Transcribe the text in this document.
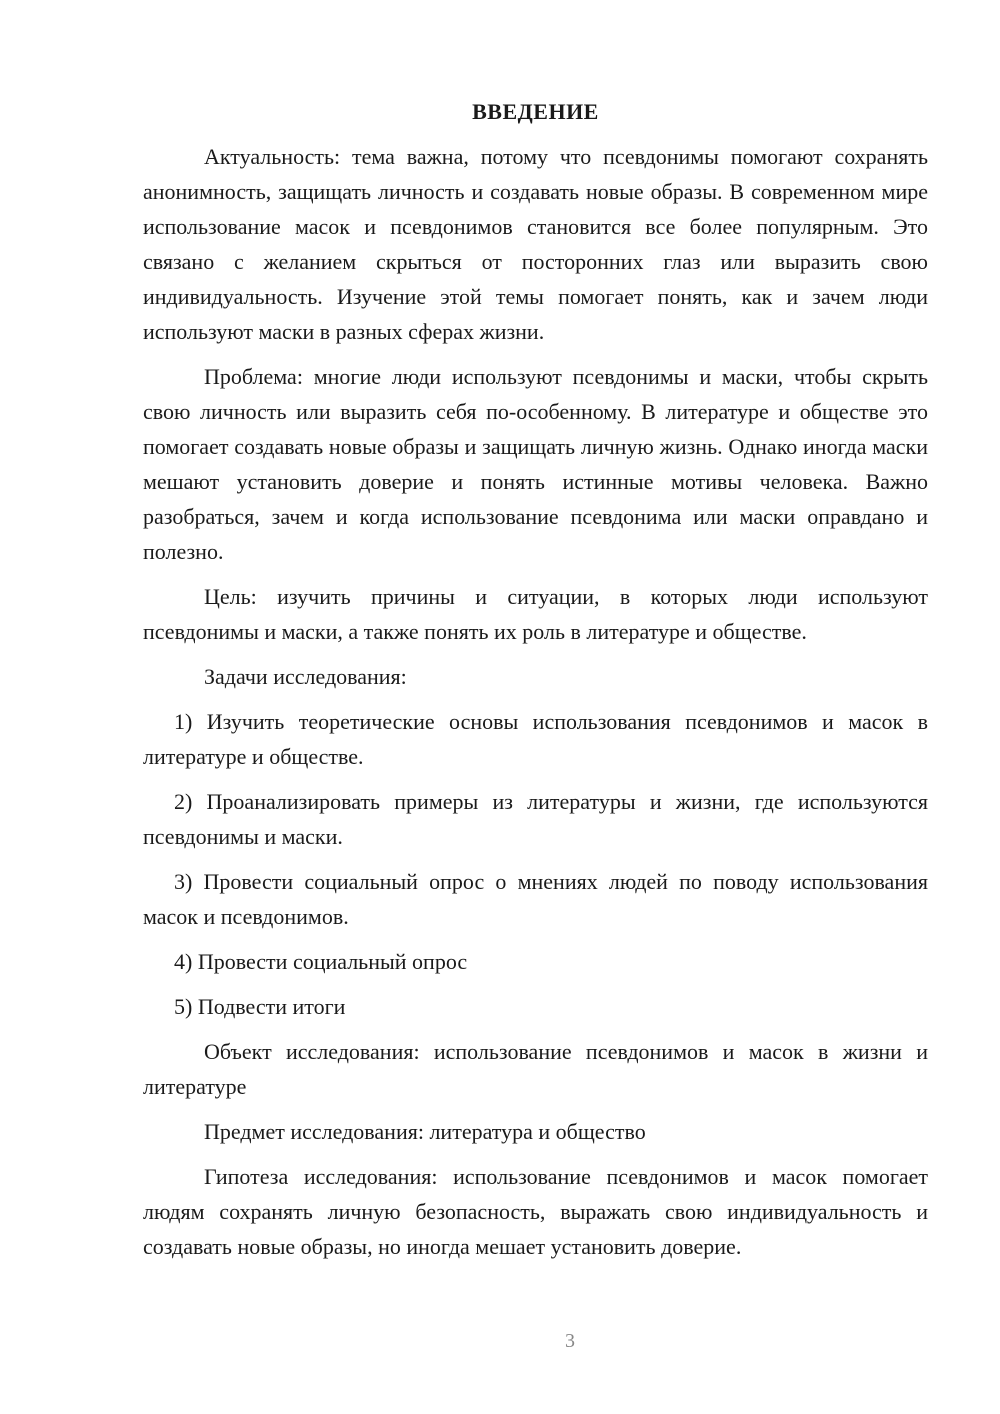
ВВЕДЕНИЕ

Актуальность: тема важна, потому что псевдонимы помогают сохранять анонимность, защищать личность и создавать новые образы. В современном мире использование масок и псевдонимов становится все более популярным. Это связано с желанием скрыться от посторонних глаз или выразить свою индивидуальность. Изучение этой темы помогает понять, как и зачем люди используют маски в разных сферах жизни.

Проблема: многие люди используют псевдонимы и маски, чтобы скрыть свою личность или выразить себя по-особенному. В литературе и обществе это помогает создавать новые образы и защищать личную жизнь. Однако иногда маски мешают установить доверие и понять истинные мотивы человека. Важно разобраться, зачем и когда использование псевдонима или маски оправдано и полезно.

Цель: изучить причины и ситуации, в которых люди используют псевдонимы и маски, а также понять их роль в литературе и обществе.

Задачи исследования:

1) Изучить теоретические основы использования псевдонимов и масок в литературе и обществе.

2) Проанализировать примеры из литературы и жизни, где используются псевдонимы и маски.

3) Провести социальный опрос о мнениях людей по поводу использования масок и псевдонимов.

4) Провести социальный опрос

5) Подвести итоги

Объект исследования: использование псевдонимов и масок в жизни и литературе

Предмет исследования: литература и общество

Гипотеза исследования: использование псевдонимов и масок помогает людям сохранять личную безопасность, выражать свою индивидуальность и создавать новые образы, но иногда мешает установить доверие.

3
